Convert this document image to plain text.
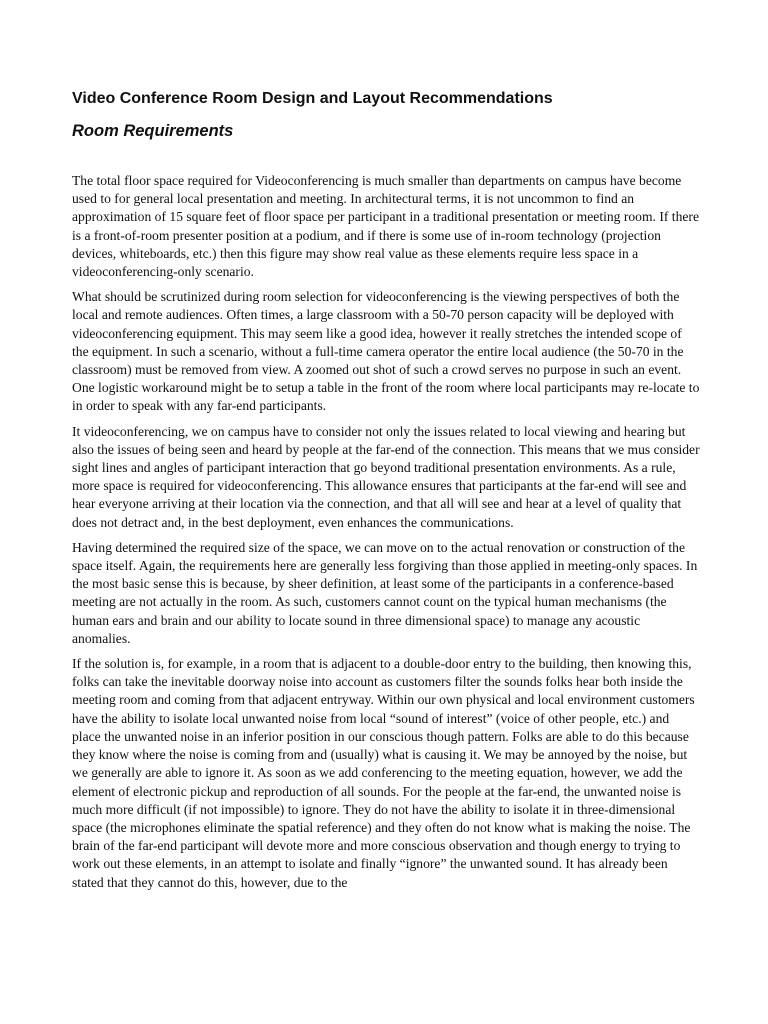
Video Conference Room Design and Layout Recommendations
Room Requirements

The total floor space required for Videoconferencing is much smaller than departments on campus have become used to for general local presentation and meeting. In architectural terms, it is not uncommon to find an approximation of 15 square feet of floor space per participant in a traditional presentation or meeting room. If there is a front-of-room presenter position at a podium, and if there is some use of in-room technology (projection devices, whiteboards, etc.) then this figure may show real value as these elements require less space in a videoconferencing-only scenario.

What should be scrutinized during room selection for videoconferencing is the viewing perspectives of both the local and remote audiences. Often times, a large classroom with a 50-70 person capacity will be deployed with videoconferencing equipment. This may seem like a good idea, however it really stretches the intended scope of the equipment. In such a scenario, without a full-time camera operator the entire local audience (the 50-70 in the classroom) must be removed from view. A zoomed out shot of such a crowd serves no purpose in such an event. One logistic workaround might be to setup a table in the front of the room where local participants may re-locate to in order to speak with any far-end participants.

It videoconferencing, we on campus have to consider not only the issues related to local viewing and hearing but also the issues of being seen and heard by people at the far-end of the connection. This means that we mus consider sight lines and angles of participant interaction that go beyond traditional presentation environments. As a rule, more space is required for videoconferencing. This allowance ensures that participants at the far-end will see and hear everyone arriving at their location via the connection, and that all will see and hear at a level of quality that does not detract and, in the best deployment, even enhances the communications.

Having determined the required size of the space, we can move on to the actual renovation or construction of the space itself. Again, the requirements here are generally less forgiving than those applied in meeting-only spaces. In the most basic sense this is because, by sheer definition, at least some of the participants in a conference-based meeting are not actually in the room. As such, customers cannot count on the typical human mechanisms (the human ears and brain and our ability to locate sound in three dimensional space) to manage any acoustic anomalies.

If the solution is, for example, in a room that is adjacent to a double-door entry to the building, then knowing this, folks can take the inevitable doorway noise into account as customers filter the sounds folks hear both inside the meeting room and coming from that adjacent entryway. Within our own physical and local environment customers have the ability to isolate local unwanted noise from local “sound of interest” (voice of other people, etc.) and place the unwanted noise in an inferior position in our conscious though pattern. Folks are able to do this because they know where the noise is coming from and (usually) what is causing it. We may be annoyed by the noise, but we generally are able to ignore it. As soon as we add conferencing to the meeting equation, however, we add the element of electronic pickup and reproduction of all sounds. For the people at the far-end, the unwanted noise is much more difficult (if not impossible) to ignore. They do not have the ability to isolate it in three-dimensional space (the microphones eliminate the spatial reference) and they often do not know what is making the noise. The brain of the far-end participant will devote more and more conscious observation and though energy to trying to work out these elements, in an attempt to isolate and finally “ignore” the unwanted sound. It has already been stated that they cannot do this, however, due to the
